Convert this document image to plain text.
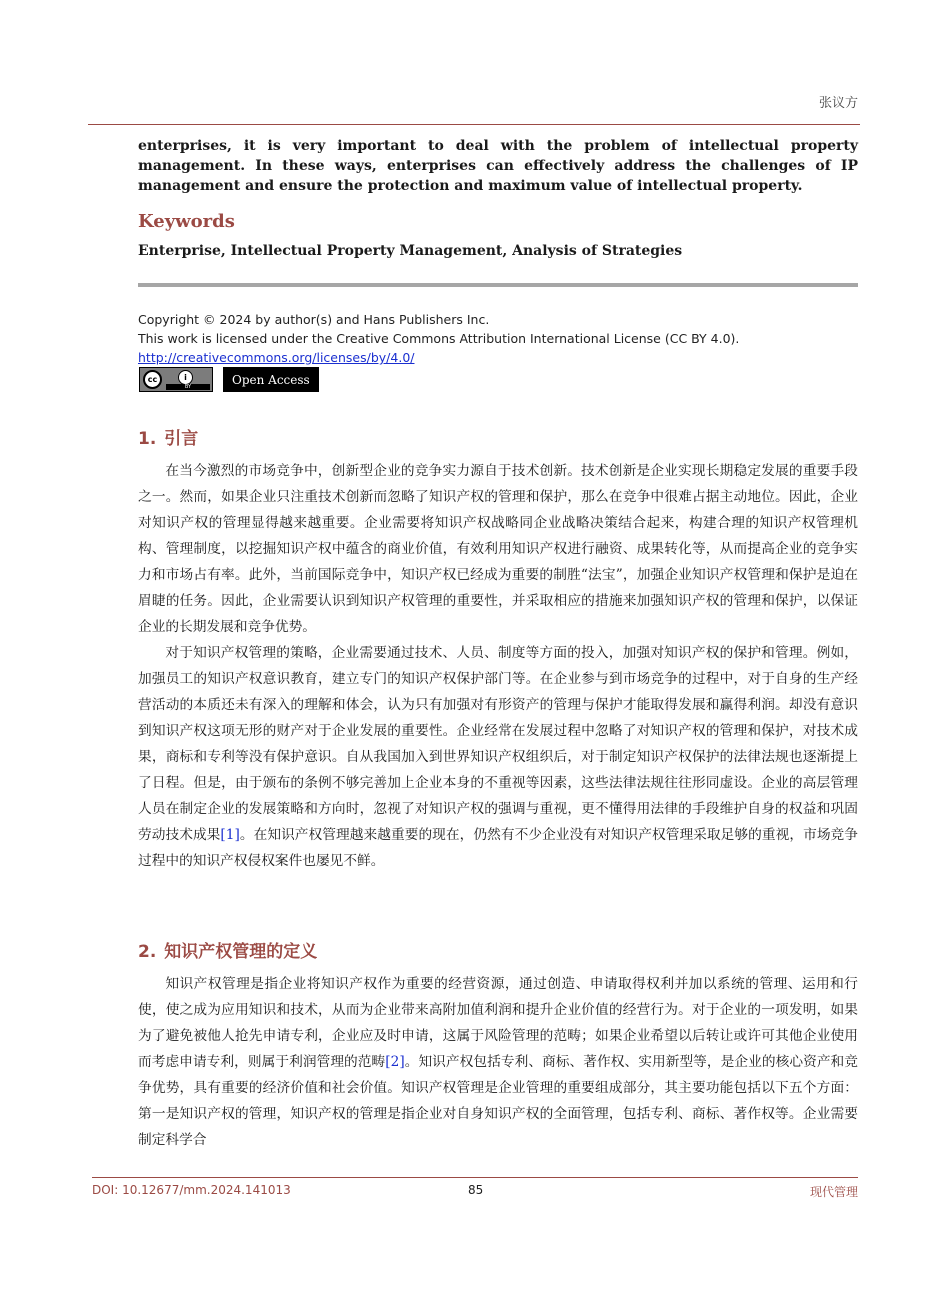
张议方
enterprises, it is very important to deal with the problem of intellectual property management. In these ways, enterprises can effectively address the challenges of IP management and ensure the protection and maximum value of intellectual property.
Keywords
Enterprise, Intellectual Property Management, Analysis of Strategies
Copyright © 2024 by author(s) and Hans Publishers Inc.
This work is licensed under the Creative Commons Attribution International License (CC BY 4.0).
http://creativecommons.org/licenses/by/4.0/
cc	i
BY
Open Access
1. 引言

在当今激烈的市场竞争中，创新型企业的竞争实力源自于技术创新。技术创新是企业实现长期稳定发展的重要手段之一。然而，如果企业只注重技术创新而忽略了知识产权的管理和保护，那么在竞争中很难占据主动地位。因此，企业对知识产权的管理显得越来越重要。企业需要将知识产权战略同企业战略决策结合起来，构建合理的知识产权管理机构、管理制度，以挖掘知识产权中蕴含的商业价值，有效利用知识产权进行融资、成果转化等，从而提高企业的竞争实力和市场占有率。此外，当前国际竞争中，知识产权已经成为重要的制胜“法宝”，加强企业知识产权管理和保护是迫在眉睫的任务。因此，企业需要认识到知识产权管理的重要性，并采取相应的措施来加强知识产权的管理和保护，以保证企业的长期发展和竞争优势。

对于知识产权管理的策略，企业需要通过技术、人员、制度等方面的投入，加强对知识产权的保护和管理。例如，加强员工的知识产权意识教育，建立专门的知识产权保护部门等。在企业参与到市场竞争的过程中，对于自身的生产经营活动的本质还未有深入的理解和体会，认为只有加强对有形资产的管理与保护才能取得发展和赢得利润。却没有意识到知识产权这项无形的财产对于企业发展的重要性。企业经常在发展过程中忽略了对知识产权的管理和保护，对技术成果，商标和专利等没有保护意识。自从我国加入到世界知识产权组织后，对于制定知识产权保护的法律法规也逐渐提上了日程。但是，由于颁布的条例不够完善加上企业本身的不重视等因素，这些法律法规往往形同虚设。企业的高层管理人员在制定企业的发展策略和方向时，忽视了对知识产权的强调与重视，更不懂得用法律的手段维护自身的权益和巩固劳动技术成果[1]。在知识产权管理越来越重要的现在，仍然有不少企业没有对知识产权管理采取足够的重视，市场竞争过程中的知识产权侵权案件也屡见不鲜。

2. 知识产权管理的定义

知识产权管理是指企业将知识产权作为重要的经营资源，通过创造、申请取得权利并加以系统的管理、运用和行使，使之成为应用知识和技术，从而为企业带来高附加值利润和提升企业价值的经营行为。对于企业的一项发明，如果为了避免被他人抢先申请专利，企业应及时申请，这属于风险管理的范畴；如果企业希望以后转让或许可其他企业使用而考虑申请专利，则属于利润管理的范畴[2]。知识产权包括专利、商标、著作权、实用新型等，是企业的核心资产和竞争优势，具有重要的经济价值和社会价值。知识产权管理是企业管理的重要组成部分，其主要功能包括以下五个方面：第一是知识产权的管理，知识产权的管理是指企业对自身知识产权的全面管理，包括专利、商标、著作权等。企业需要制定科学合

DOI: 10.12677/mm.2024.141013	85	现代管理
